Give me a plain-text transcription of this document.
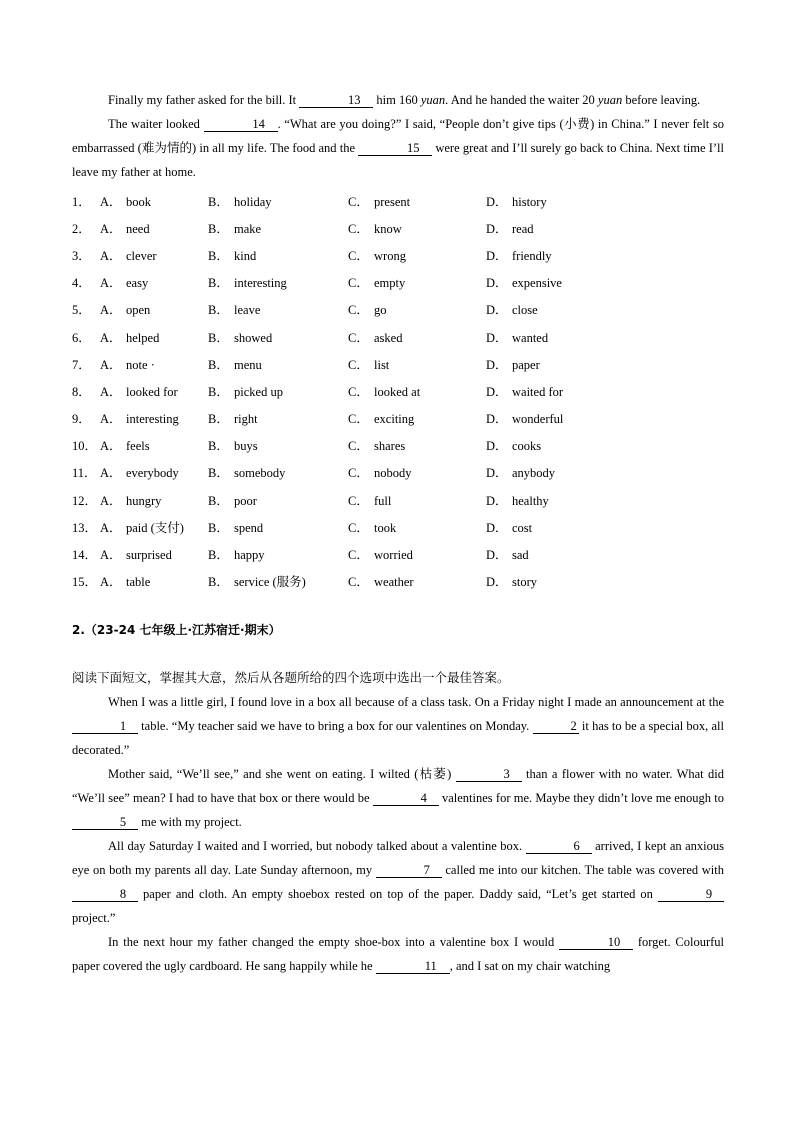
Finally my father asked for the bill. It	13 him 160 yuan. And he handed the waiter 20 yuan before leaving.

The waiter looked	14 . “What are you doing?” I said, “People don’t give tips (小费) in China.” I never felt so embarrassed (难为情的) in all my life. The food and the	15 were great and I’ll surely go back to China. Next time I’ll leave my father at home.

1． A． book	B． holiday	C． present	D． history
2． A． need	B． make	C． know	D． read
3． A． clever	B． kind	C． wrong	D． friendly
4． A． easy	B． interesting	C． empty	D． expensive
5． A． open	B． leave	C． go	D． close
6． A． helped	B． showed	C． asked	D． wanted
7． A． note ·	B． menu	C． list	D． paper
8． A． looked for	B． picked up	C． looked at	D． waited for
9． A． interesting	B． right	C． exciting	D． wonderful
10． A． feels	B． buys	C． shares	D． cooks
11． A． everybody	B． somebody	C． nobody	D． anybody
12． A． hungry	B． poor	C． full	D． healthy
13． A． paid (支付)	B． spend	C． took	D． cost
14． A． surprised	B． happy	C． worried	D． sad
15． A． table	B． service (服务)	C． weather	D． story
2.（23-24 七年级上·江苏宿迁·期末）
阅读下面短文，掌握其大意，然后从各题所给的四个选项中选出一个最佳答案。

When I was a little girl, I found love in a box all because of a class task. On a Friday night I made an announcement at the 1 table. “My teacher said we have to bring a box for our valentines on Monday.	2 it has to be a special box, all decorated.”

Mother said, “We’ll see,” and she went on eating. I wilted (枯萎)	3 than a flower with no water. What did “We’ll see” mean? I had to have that box or there would be	4 valentines for me. Maybe they didn’t love me enough to 5 me with my project.

All day Saturday I waited and I worried, but nobody talked about a valentine box.	6 arrived, I kept an anxious eye on both my parents all day. Late Sunday afternoon, my	7 called me into our kitchen. The table was covered with 8 paper and cloth. An empty shoebox rested on top of the paper. Daddy said, “Let’s get started on	9 project.”

In the next hour my father changed the empty shoe-box into a valentine box I would	10 forget. Colourful paper covered the ugly cardboard. He sang happily while he	11 , and I sat on my chair watching
